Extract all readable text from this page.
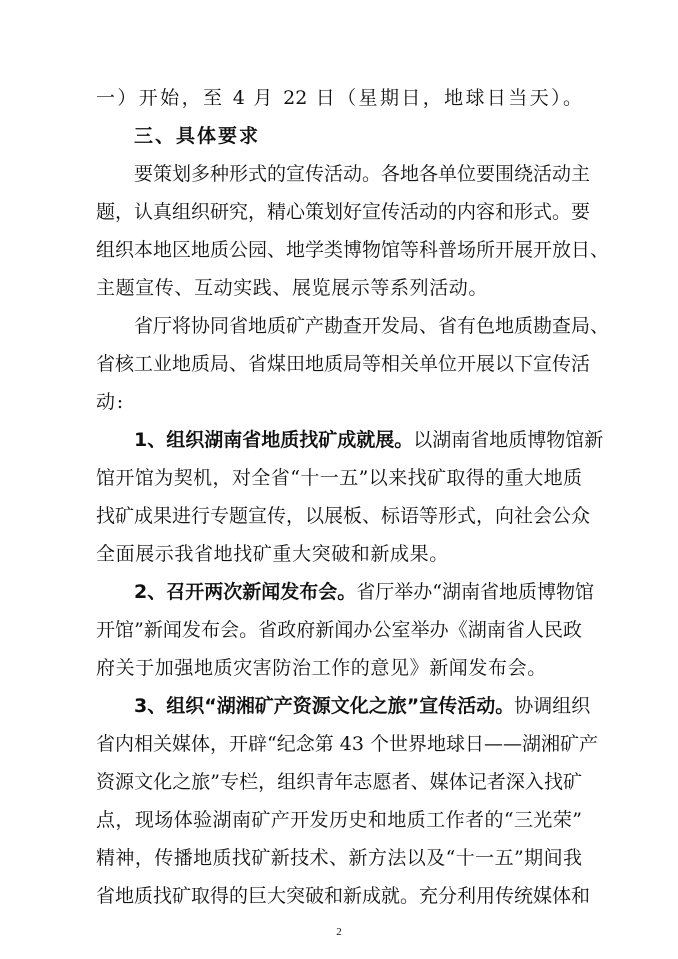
一）开始，至 4 月 22 日（星期日，地球日当天）。
三、具体要求
要策划多种形式的宣传活动。各地各单位要围绕活动主
题，认真组织研究，精心策划好宣传活动的内容和形式。要
组织本地区地质公园、地学类博物馆等科普场所开展开放日、
主题宣传、互动实践、展览展示等系列活动。
省厅将协同省地质矿产勘查开发局、省有色地质勘查局、
省核工业地质局、省煤田地质局等相关单位开展以下宣传活
动:
1、组织湖南省地质找矿成就展。 以湖南省地质博物馆新
馆开馆为契机，对全省“十一五”以来找矿取得的重大地质
找矿成果进行专题宣传，以展板、标语等形式，向社会公众
全面展示我省地找矿重大突破和新成果。
2、召开两次新闻发布会。 省厅举办“湖南省地质博物馆
开馆”新闻发布会。省政府新闻办公室举办《湖南省人民政
府关于加强地质灾害防治工作的意见》新闻发布会。
3、组织“湖湘矿产资源文化之旅”宣传活动。 协调组织
省内相关媒体，开辟“纪念第 43 个世界地球日——湖湘矿产
资源文化之旅”专栏，组织青年志愿者、媒体记者深入找矿
点，现场体验湖南矿产开发历史和地质工作者的“三光荣”
精神，传播地质找矿新技术、新方法以及“十一五”期间我
省地质找矿取得的巨大突破和新成就。充分利用传统媒体和
2
